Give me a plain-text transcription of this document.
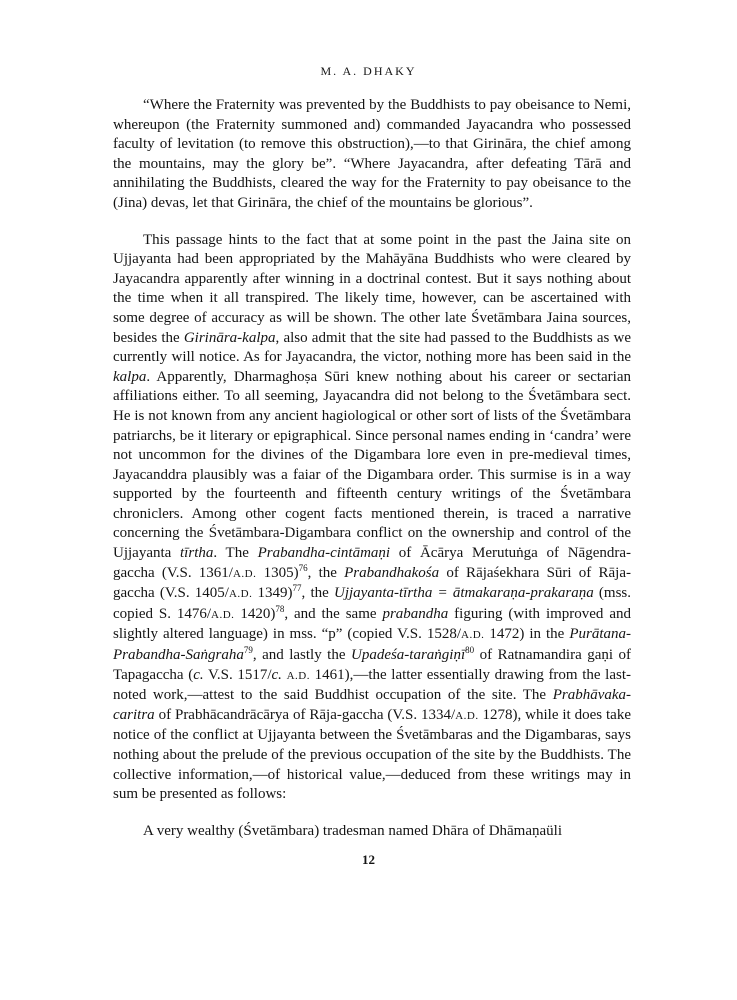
M. A. DHAKY

“Where the Fraternity was prevented by the Buddhists to pay obeisance to Nemi, whereupon (the Fraternity summoned and) commanded Jayacandra who possessed faculty of levitation (to remove this obstruction),—to that Girināra, the chief among the mountains, may the glory be”. “Where Jayacandra, after defeating Tārā and annihilating the Buddhists, cleared the way for the Fraternity to pay obeisance to the (Jina) devas, let that Girināra, the chief of the mountains be glorious”.

This passage hints to the fact that at some point in the past the Jaina site on Ujjayanta had been appropriated by the Mahāyāna Buddhists who were cleared by Jayacandra apparently after winning in a doctrinal contest. But it says nothing about the time when it all transpired. The likely time, however, can be ascertained with some degree of accuracy as will be shown. The other late Śvetāmbara Jaina sources, besides the Girināra-kalpa, also admit that the site had passed to the Buddhists as we currently will notice. As for Jayacandra, the victor, nothing more has been said in the kalpa. Apparently, Dharmaghoṣa Sūri knew nothing about his career or sectarian affiliations either. To all seeming, Jayacandra did not belong to the Śvetāmbara sect. He is not known from any ancient hagiological or other sort of lists of the Śvetāmbara patriarchs, be it literary or epigraphical. Since personal names ending in ‘candra’ were not uncommon for the divines of the Digambara lore even in pre-medieval times, Jayacanddra plausibly was a faiar of the Digambara order. This surmise is in a way supported by the fourteenth and fifteenth century writings of the Śvetāmbara chroniclers. Among other cogent facts mentioned therein, is traced a narrative concerning the Śvetāmbara-Digambara conflict on the ownership and control of the Ujjayanta tīrtha. The Prabandha-cintāmaṇi of Ācārya Merutuṅga of Nāgendra-gaccha (V.S. 1361/A.D. 1305)$^{76}$, the Prabandhakośa of Rājaśekhara Sūri of Rāja-gaccha (V.S. 1405/A.D. 1349)$^{77}$, the Ujjayanta-tīrtha = ātmakaraṇa-prakaraṇa (mss. copied S. 1476/A.D. 1420)$^{78}$, and the same prabandha figuring (with improved and slightly altered language) in mss. “p” (copied V.S. 1528/A.D. 1472) in the Purātana-Prabandha-Saṅgraha$^{79}$, and lastly the Upadeśa-taraṅgiṇī$^{80}$ of Ratnamandira gaṇi of Tapagaccha (c. V.S. 1517/c. A.D. 1461),—the latter essentially drawing from the last-noted work,—attest to the said Buddhist occupation of the site. The Prabhāvaka-caritra of Prabhācandrācārya of Rāja-gaccha (V.S. 1334/A.D. 1278), while it does take notice of the conflict at Ujjayanta between the Śvetāmbaras and the Digambaras, says nothing about the prelude of the previous occupation of the site by the Buddhists. The collective information,—of historical value,—deduced from these writings may in sum be presented as follows:

A very wealthy (Śvetāmbara) tradesman named Dhāra of Dhāmaṇaüli

12
